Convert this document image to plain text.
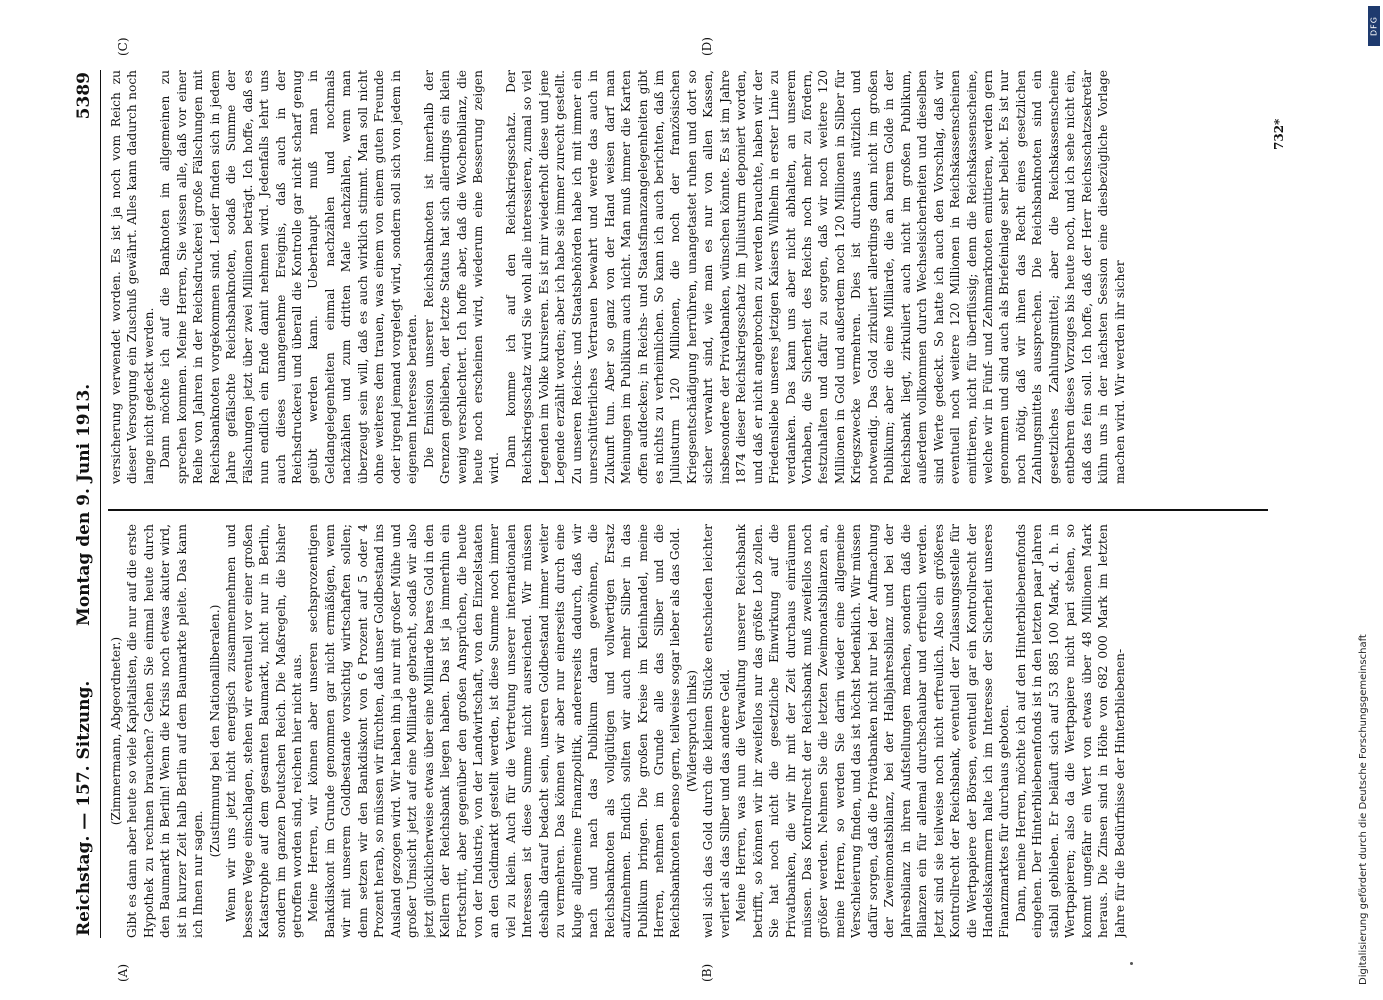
Reichstag. — 157. Sitzung.
Montag den 9. Juni 1913.
5389
(A)	(B)
(C)	(D)

(Zimmermann, Abgeordneter.) Gibt es dann aber heute so viele Kapitalisten, die nur auf die erste Hypothek zu rechnen brauchen? Gehen Sie einmal heute durch den Baumarkt in Berlin! Wenn die Krisis noch etwas akuter wird, ist in kurzer Zeit halb Berlin auf dem Baumarkte pleite. Das kann ich Ihnen nur sagen.

(Zustimmung bei den Nationalliberalen.) Wenn wir uns jetzt nicht energisch zusammennehmen und bessere Wege einschlagen, stehen wir eventuell vor einer großen Katastrophe auf dem gesamten Baumarkt, nicht nur in Berlin, sondern im ganzen Deutschen Reich. Die Maßregeln, die bisher getroffen worden sind, reichen hier nicht aus. Meine Herren, wir können aber unseren sechsprozentigen Bankdiskont im Grunde genommen gar nicht ermäßigen, wenn wir mit unserem Goldbestande vorsichtig wirtschaften sollen; denn setzen wir den Bankdiskont von 6 Prozent auf 5 oder 4 Prozent herab, so müssen wir fürchten, daß unser Goldbestand ins Ausland gezogen wird. Wir haben ihn ja nur mit großer Mühe und großer Umsicht jetzt auf eine Milliarde gebracht, sodaß wir also jetzt glücklicherweise etwas über eine Milliarde bares Gold in den Kellern der Reichsbank liegen haben. Das ist ja immerhin ein Fortschritt, aber gegenüber den großen Ansprüchen, die heute von der Industrie, von der Landwirtschaft, von den Einzelstaaten an den Geldmarkt gestellt werden, ist diese Summe noch immer viel zu klein. Auch für die Vertretung unserer internationalen Interessen ist diese Summe nicht ausreichend. Wir müssen deshalb darauf bedacht sein, unseren Goldbestand immer weiter zu vermehren. Das können wir aber nur einerseits durch eine kluge allgemeine Finanzpolitik, andererseits dadurch, daß wir nach und nach das Publikum daran gewöhnen, die Reichsbanknoten als vollgültigen und vollwertigen Ersatz aufzunehmen. Endlich sollten wir auch mehr Silber in das Publikum bringen. Die großen Kreise im Kleinhandel, meine Herren, nehmen im Grunde alle das Silber und die Reichsbanknoten ebenso gern, teilweise sogar lieber als das Gold. (Widerspruch links) weil sich das Gold durch die kleinen Stücke entschieden leichter verliert als das Silber und das andere Geld. Meine Herren, was nun die Verwaltung unserer Reichsbank betrifft, so können wir ihr zweifellos nur das größte Lob zollen. Sie hat noch nicht die gesetzliche Einwirkung auf die Privatbanken, die wir ihr mit der Zeit durchaus einräumen müssen. Das Kontrollrecht der Reichsbank muß zweifellos noch größer werden. Nehmen Sie die letzten Zweimonatsbilanzen an, meine Herren, so werden Sie darin wieder eine allgemeine Verschleierung finden, und das ist höchst bedenklich. Wir müssen dafür sorgen, daß die Privatbanken nicht nur bei der Aufmachung der Zweimonatsbilanz, bei der Halbjahresbilanz und bei der Jahresbilanz in ihren Aufstellungen machen, sondern daß die Bilanzen ein für allemal durchschaubar und erfreulich werden. Jetzt sind sie teilweise noch nicht erfreulich. Also ein größeres Kontrollrecht der Reichsbank, eventuell der Zulassungsstelle für die Wertpapiere der Börsen, eventuell gar ein Kontrollrecht der Handelskammern halte ich im Interesse der Sicherheit unseres Finanzmarktes für durchaus geboten. Dann, meine Herren, möchte ich auf den Hinterbliebenenfonds eingehen. Der Hinterbliebenenfonds ist in den letzten paar Jahren stabil geblieben. Er beläuft sich auf 53 885 100 Mark, d. h. in Wertpapieren; also da die Wertpapiere nicht pari stehen, so kommt ungefähr ein Wert von etwas über 48 Millionen Mark heraus. Die Zinsen sind in Höhe von 682 000 Mark im letzten Jahre für die Bedürfnisse der Hinterbliebenen-

versicherung verwendet worden. Es ist ja noch vom Reich zu dieser Versorgung ein Zuschuß gewährt. Alles kann dadurch noch lange nicht gedeckt werden. Dann möchte ich auf die Banknoten im allgemeinen zu sprechen kommen. Meine Herren, Sie wissen alle, daß vor einer Reihe von Jahren in der Reichsdruckerei große Fälschungen mit Reichsbanknoten vorgekommen sind. Leider finden sich in jedem Jahre gefälschte Reichsbanknoten, sodaß die Summe der Fälschungen jetzt über zwei Millionen beträgt. Ich hoffe, daß es nun endlich ein Ende damit nehmen wird. Jedenfalls lehrt uns auch dieses unangenehme Ereignis, daß auch in der Reichsdruckerei und überall die Kontrolle gar nicht scharf genug geübt werden kann. Ueberhaupt muß man in Geldangelegenheiten einmal nachzählen und nochmals nachzählen und zum dritten Male nachzählen, wenn man überzeugt sein will, daß es auch wirklich stimmt. Man soll nicht ohne weiteres dem trauen, was einem von einem guten Freunde oder irgend jemand vorgelegt wird, sondern soll sich von jedem in eigenem Interesse beraten. Die Emission unserer Reichsbanknoten ist innerhalb der Grenzen geblieben, der letzte Status hat sich allerdings ein klein wenig verschlechtert. Ich hoffe aber, daß die Wochenbilanz, die heute noch erscheinen wird, wiederum eine Besserung zeigen wird.

Dann komme ich auf den Reichskriegsschatz. Der Reichskriegsschatz wird Sie wohl alle interessieren, zumal so viel Legenden im Volke kursieren. Es ist mir wiederholt diese und jene Legende erzählt worden; aber ich habe sie immer zurecht gestellt. Zu unseren Reichs- und Staatsbehörden habe ich mit immer ein unerschütterliches Vertrauen bewahrt und werde das auch in Zukunft tun. Aber so ganz von der Hand weisen darf man Meinungen im Publikum auch nicht. Man muß immer die Karten offen aufdecken; in Reichs- und Staatsfinanzangelegenheiten gibt es nichts zu verheimlichen. So kann ich auch berichten, daß im Juliusturm 120 Millionen, die noch der französischen Kriegsentschädigung herrühren, unangetastet ruhen und dort so sicher verwahrt sind, wie man es nur von allen Kassen, insbesondere der Privatbanken, wünschen könnte. Es ist im Jahre 1874 dieser Reichskriegsschatz im Juliusturm deponiert worden, und daß er nicht angebrochen zu werden brauchte, haben wir der Friedensliebe unseres jetzigen Kaisers Wilhelm in erster Linie zu verdanken. Das kann uns aber nicht abhalten, an unserem Vorhaben, die Sicherheit des Reichs noch mehr zu fördern, festzuhalten und dafür zu sorgen, daß wir noch weitere 120 Millionen in Gold und außerdem noch 120 Millionen in Silber für Kriegszwecke vermehren. Dies ist durchaus nützlich und notwendig. Das Gold zirkuliert allerdings dann nicht im großen Publikum; aber die eine Milliarde, die an barem Golde in der Reichsbank liegt, zirkuliert auch nicht im großen Publikum, außerdem vollkommen durch Wechselsicherheiten und dieselben sind Werte gedeckt. So hatte ich auch den Vorschlag, daß wir eventuell noch weitere 120 Millionen in Reichskassenscheinen emittieren, nicht für überflüssig; denn die Reichskassenscheine, welche wir in Fünf- und Zehnmarknoten emittieren, werden gern genommen und sind auch als Briefeinlage sehr beliebt. Es ist nur noch nötig, daß wir ihnen das Recht eines gesetzlichen Zahlungsmittels aussprechen. Die Reichsbanknoten sind ein gesetzliches Zahlungsmittel; aber die Reichskassenscheine entbehren dieses Vorzuges bis heute noch, und ich sehe nicht ein, daß das fein soll. Ich hoffe, daß der Herr Reichsschatzsekretär kühn uns in der nächsten Session eine diesbezügliche Vorlage machen wird. Wir werden ihr sicher

732*
Digitalisierung gefördert durch die Deutsche Forschungsgemeinschaft
DFG
